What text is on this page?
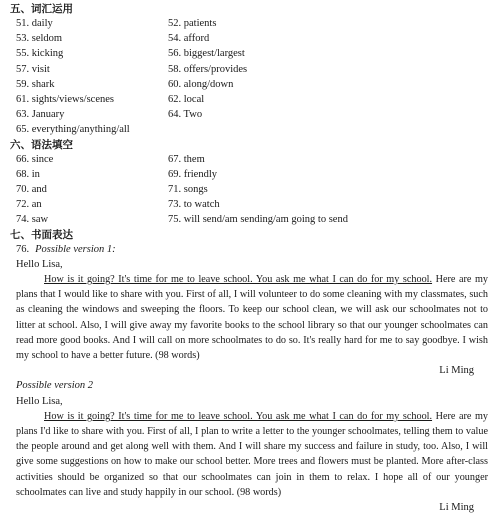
五、词汇运用
51. daily
53. seldom
55. kicking
57. visit
59. shark
61. sights/views/scenes
63. January
65. everything/anything/all
52. patients
54. afford
56. biggest/largest
58. offers/provides
60. along/down
62. local
64. Two
六、语法填空
66. since
68. in
70. and
72. an
74. saw
67. them
69. friendly
71. songs
73. to watch
75. will send/am sending/am going to send
七、书面表达
76. Possible version 1:
Hello Lisa,

How is it going? It's time for me to leave school. You ask me what I can do for my school. Here are my plans that I would like to share with you. First of all, I will volunteer to do some cleaning with my classmates, such as cleaning the windows and sweeping the floors. To keep our school clean, we will ask our schoolmates not to litter at school. Also, I will give away my favorite books to the school library so that our younger schoolmates can read more good books. And I will call on more schoolmates to do so. It's really hard for me to say goodbye. I wish my school to have a better future. (98 words)

Li Ming
Possible version 2
Hello Lisa,

How is it going? It's time for me to leave school. You ask me what I can do for my school. Here are my plans I'd like to share with you. First of all, I plan to write a letter to the younger schoolmates, telling them to value the people around and get along well with them. And I will share my success and failure in study, too. Also, I will give some suggestions on how to make our school better. More trees and flowers must be planted. More after-class activities should be organized so that our schoolmates can join in them to relax. I hope all of our younger schoolmates can live and study happily in our school. (98 words)

Li Ming
